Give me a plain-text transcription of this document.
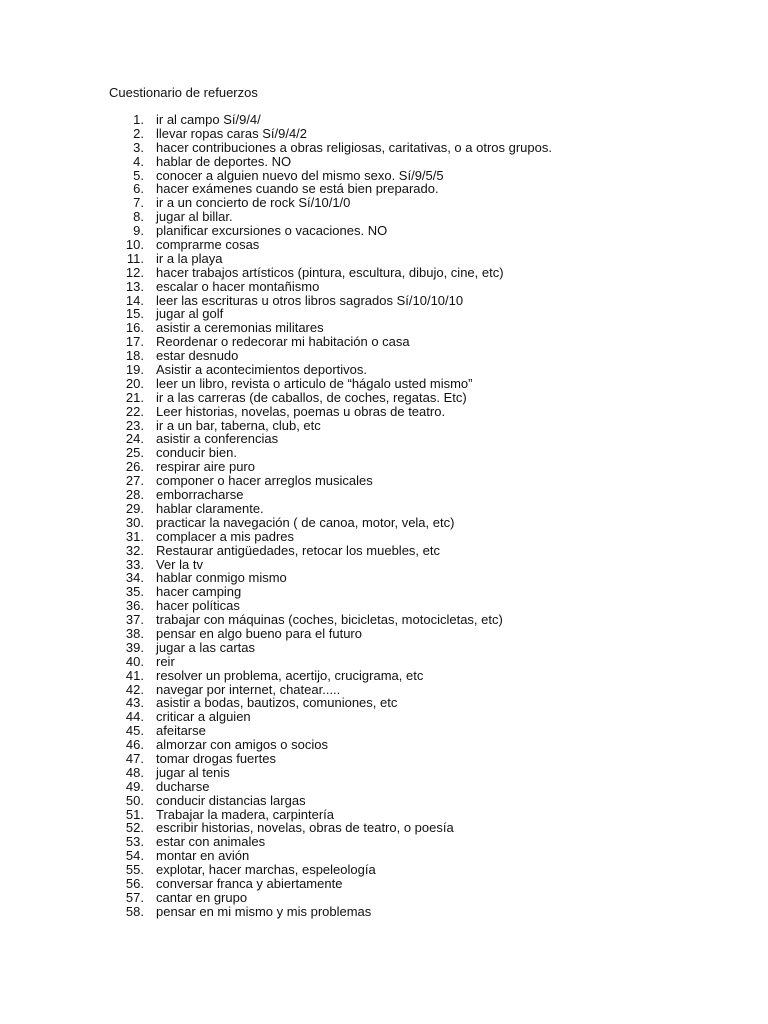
Cuestionario de refuerzos
1. ir al campo Sí/9/4/
2. llevar ropas caras Sí/9/4/2
3. hacer contribuciones a obras religiosas, caritativas, o a otros grupos.
4. hablar de deportes. NO
5. conocer a alguien nuevo del mismo sexo. Sí/9/5/5
6. hacer exámenes cuando se está bien preparado.
7. ir a un concierto de rock Sí/10/1/0
8. jugar al billar.
9. planificar excursiones o vacaciones. NO
10. comprarme cosas
11. ir a la playa
12. hacer trabajos artísticos (pintura, escultura, dibujo, cine, etc)
13. escalar o hacer montañismo
14. leer las escrituras u otros libros sagrados Sí/10/10/10
15. jugar al golf
16. asistir a ceremonias militares
17. Reordenar o redecorar mi habitación o casa
18. estar desnudo
19. Asistir a acontecimientos deportivos.
20. leer un libro, revista o articulo de “hágalo usted mismo”
21. ir a las carreras (de caballos, de coches, regatas. Etc)
22. Leer historias, novelas, poemas u obras de teatro.
23. ir a un bar, taberna, club, etc
24. asistir a conferencias
25. conducir bien.
26. respirar aire puro
27. componer o hacer arreglos musicales
28. emborracharse
29. hablar claramente.
30. practicar la navegación ( de canoa, motor, vela, etc)
31. complacer a mis padres
32. Restaurar antigüedades, retocar los muebles, etc
33. Ver la tv
34. hablar conmigo mismo
35. hacer camping
36. hacer políticas
37. trabajar con máquinas (coches, bicicletas, motocicletas, etc)
38. pensar en algo bueno para el futuro
39. jugar a las cartas
40. reir
41. resolver un problema, acertijo, crucigrama, etc
42. navegar por internet, chatear.....
43. asistir a bodas, bautizos, comuniones, etc
44. criticar a alguien
45. afeitarse
46. almorzar con amigos o socios
47. tomar drogas fuertes
48. jugar al tenis
49. ducharse
50. conducir distancias largas
51. Trabajar la madera, carpintería
52. escribir historias, novelas, obras de teatro, o poesía
53. estar con animales
54. montar en avión
55. explotar, hacer marchas, espeleología
56. conversar franca y abiertamente
57. cantar en grupo
58. pensar en mi mismo y mis problemas
